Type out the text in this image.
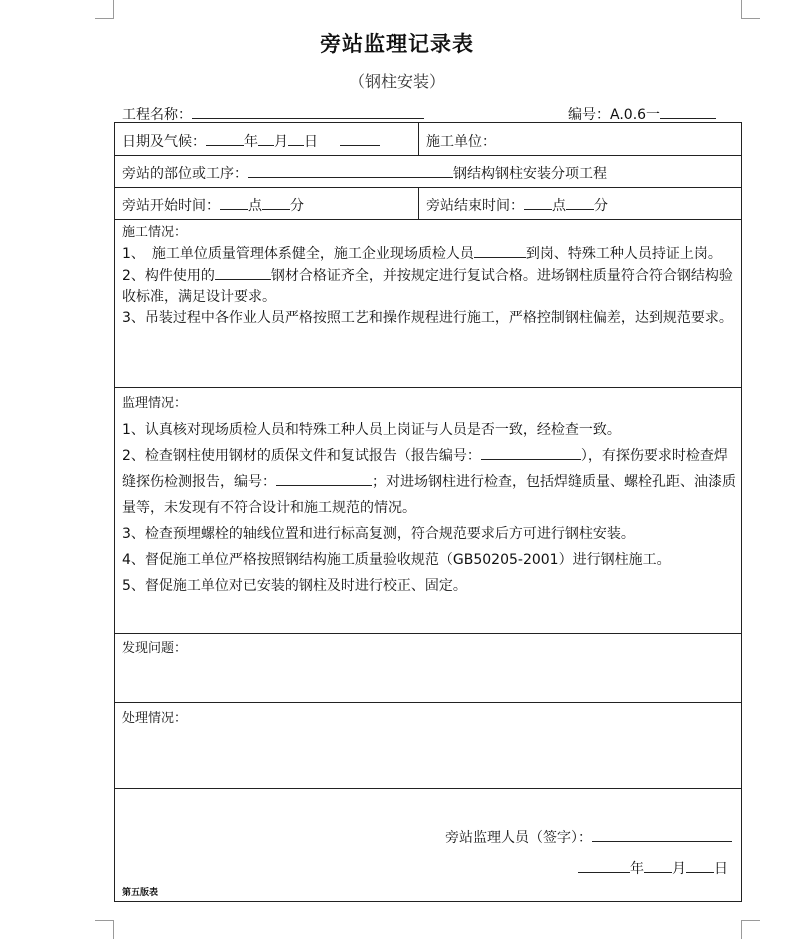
旁站监理记录表
（钢柱安装）
工程名称：	编号：A.0.6一
日期及气候：	年 月 日	施工单位：
旁站的部位或工序：	钢结构钢柱安装分项工程
旁站开始时间： 点 分	旁站结束时间： 点 分

施工情况：

1、　施工单位质量管理体系健全，施工企业现场质检人员	到岗、特殊工种人员持证上岗。

2、构件使用的	钢材合格证齐全，并按规定进行复试合格。进场钢柱质量符合符合钢结构验收标准，满足设计要求。

3、吊装过程中各作业人员严格按照工艺和操作规程进行施工，严格控制钢柱偏差，达到规范要求。

监理情况：

1、认真核对现场质检人员和特殊工种人员上岗证与人员是否一致，经检查一致。

2、检查钢柱使用钢材的质保文件和复试报告（报告编号：	），有探伤要求时检查焊缝探伤检测报告，编号：	；对进场钢柱进行检查，包括焊缝质量、螺栓孔距、油漆质量等，未发现有不符合设计和施工规范的情况。

3、检查预埋螺栓的轴线位置和进行标高复测，符合规范要求后方可进行钢柱安装。

4、督促施工单位严格按照钢结构施工质量验收规范（GB50205-2001）进行钢柱施工。

5、督促施工单位对已安装的钢柱及时进行校正、固定。

发现问题：
处理情况：
旁站监理人员（签字）：
年 月 日
第五版表
